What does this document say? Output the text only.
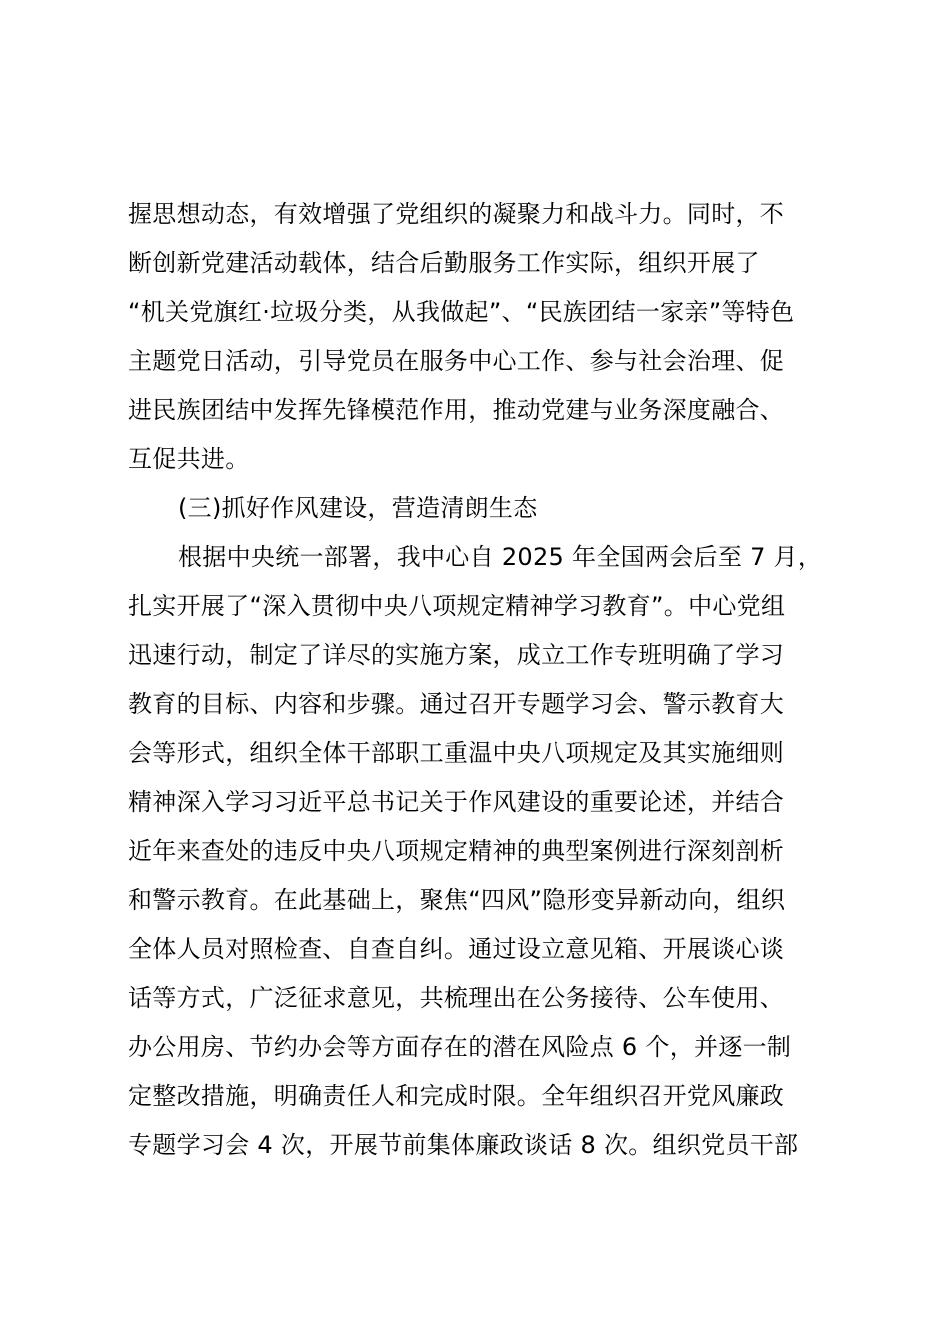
握思想动态，有效增强了党组织的凝聚力和战斗力。同时，不
断创新党建活动载体，结合后勤服务工作实际，组织开展了
“机关党旗红·垃圾分类，从我做起”、“民族团结一家亲”等特色
主题党日活动，引导党员在服务中心工作、参与社会治理、促
进民族团结中发挥先锋模范作用，推动党建与业务深度融合、
互促共进。
(三)抓好作风建设，营造清朗生态
根据中央统一部署，我中心自 2025 年全国两会后至 7 月，
扎实开展了“深入贯彻中央八项规定精神学习教育”。中心党组
迅速行动，制定了详尽的实施方案，成立工作专班明确了学习
教育的目标、内容和步骤。通过召开专题学习会、警示教育大
会等形式，组织全体干部职工重温中央八项规定及其实施细则
精神深入学习习近平总书记关于作风建设的重要论述，并结合
近年来查处的违反中央八项规定精神的典型案例进行深刻剖析
和警示教育。在此基础上，聚焦“四风”隐形变异新动向，组织
全体人员对照检查、自查自纠。通过设立意见箱、开展谈心谈
话等方式，广泛征求意见，共梳理出在公务接待、公车使用、
办公用房、节约办会等方面存在的潜在风险点 6 个，并逐一制
定整改措施，明确责任人和完成时限。全年组织召开党风廉政
专题学习会 4 次，开展节前集体廉政谈话 8 次。组织党员干部
